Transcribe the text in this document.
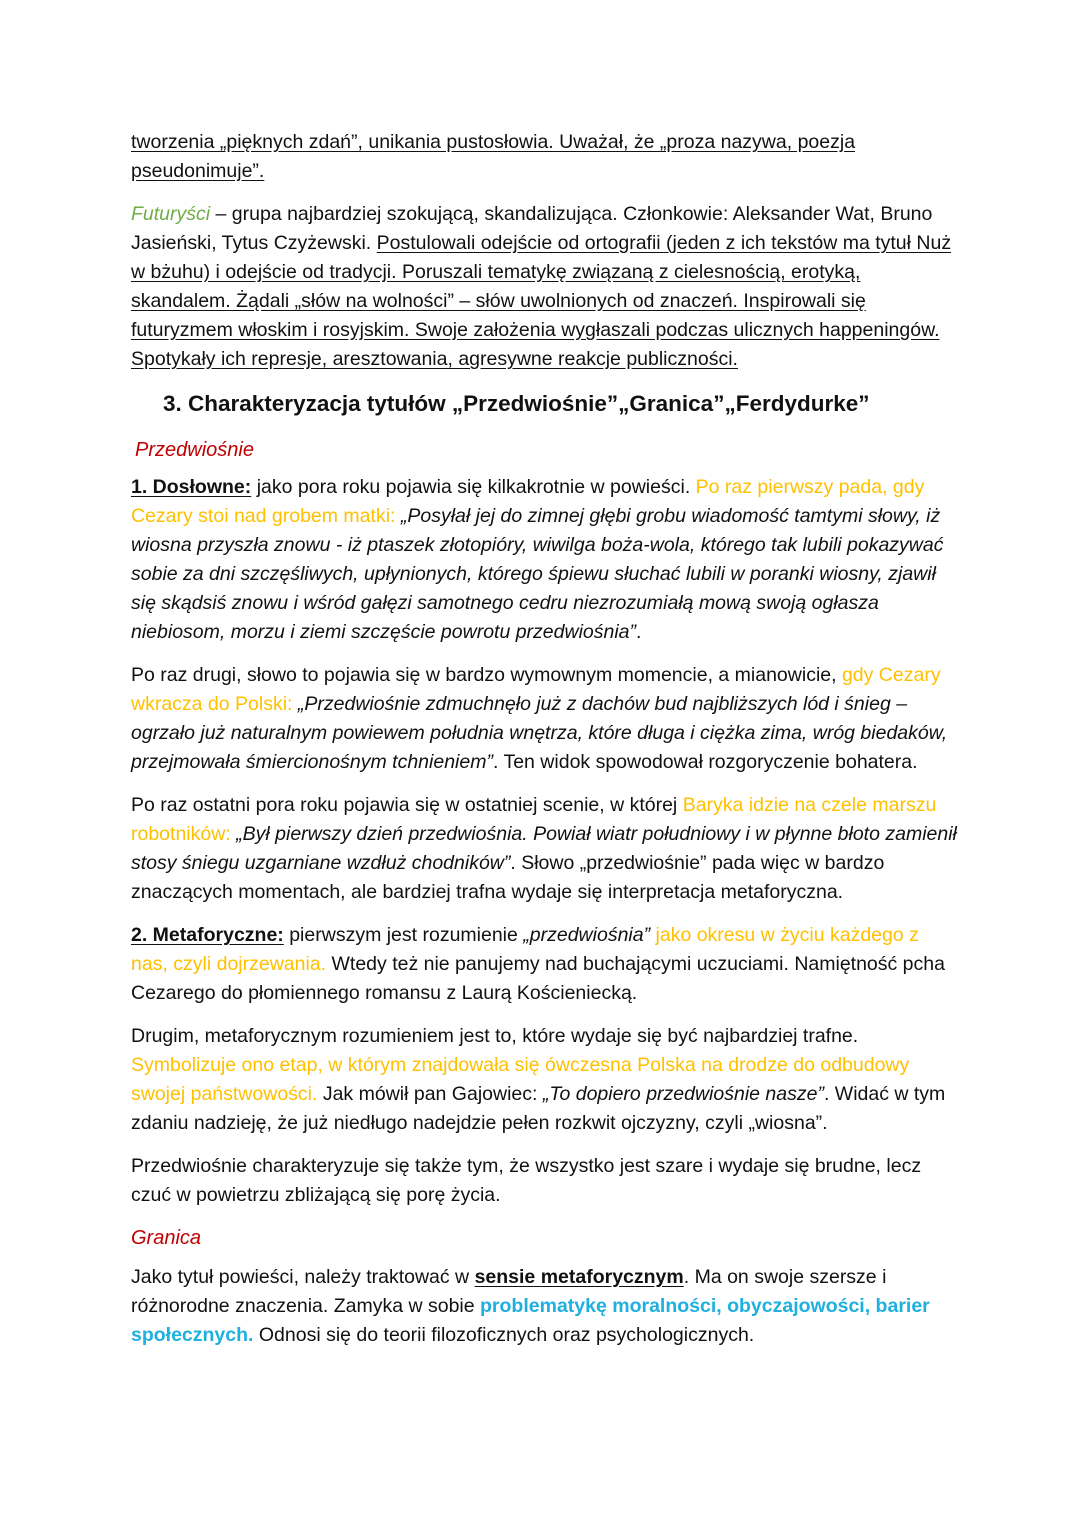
tworzenia „pięknych zdań”, unikania pustosłowia. Uważał, że „proza nazywa, poezja pseudonimuje”.

Futuryści – grupa najbardziej szokującą, skandalizująca. Członkowie: Aleksander Wat, Bruno Jasieński, Tytus Czyżewski. Postulowali odejście od ortografii (jeden z ich tekstów ma tytuł Nuż w bżuhu) i odejście od tradycji. Poruszali tematykę związaną z cielesnością, erotyką, skandalem. Żądali „słów na wolności” – słów uwolnionych od znaczeń. Inspirowali się futuryzmem włoskim i rosyjskim. Swoje założenia wygłaszali podczas ulicznych happeningów. Spotykały ich represje, aresztowania, agresywne reakcje publiczności.

3. Charakteryzacja tytułów „Przedwiośnie”„Granica”„Ferdydurke”
Przedwiośnie

1. Dosłowne: jako pora roku pojawia się kilkakrotnie w powieści. Po raz pierwszy pada, gdy Cezary stoi nad grobem matki: „Posyłał jej do zimnej głębi grobu wiadomość tamtymi słowy, iż wiosna przyszła znowu - iż ptaszek złotopióry, wiwilga boża-wola, którego tak lubili pokazywać sobie za dni szczęśliwych, upłynionych, którego śpiewu słuchać lubili w poranki wiosny, zjawił się skądsiś znowu i wśród gałęzi samotnego cedru niezrozumiałą mową swoją ogłasza niebiosom, morzu i ziemi szczęście powrotu przedwiośnia”.

Po raz drugi, słowo to pojawia się w bardzo wymownym momencie, a mianowicie, gdy Cezary wkracza do Polski: „Przedwiośnie zdmuchnęło już z dachów bud najbliższych lód i śnieg – ogrzało już naturalnym powiewem południa wnętrza, które długa i ciężka zima, wróg biedaków, przejmowała śmiercionośnym tchnieniem”. Ten widok spowodował rozgoryczenie bohatera.

Po raz ostatni pora roku pojawia się w ostatniej scenie, w której Baryka idzie na czele marszu robotników: „Był pierwszy dzień przedwiośnia. Powiał wiatr południowy i w płynne błoto zamienił stosy śniegu uzgarniane wzdłuż chodników”. Słowo „przedwiośnie” pada więc w bardzo znaczących momentach, ale bardziej trafna wydaje się interpretacja metaforyczna.

2. Metaforyczne: pierwszym jest rozumienie „przedwiośnia” jako okresu w życiu każdego z nas, czyli dojrzewania. Wtedy też nie panujemy nad buchającymi uczuciami. Namiętność pcha Cezarego do płomiennego romansu z Laurą Kościeniecką.

Drugim, metaforycznym rozumieniem jest to, które wydaje się być najbardziej trafne. Symbolizuje ono etap, w którym znajdowała się ówczesna Polska na drodze do odbudowy swojej państwowości. Jak mówił pan Gajowiec: „To dopiero przedwiośnie nasze”. Widać w tym zdaniu nadzieję, że już niedługo nadejdzie pełen rozkwit ojczyzny, czyli „wiosna”.

Przedwiośnie charakteryzuje się także tym, że wszystko jest szare i wydaje się brudne, lecz czuć w powietrzu zbliżającą się porę życia.

Granica

Jako tytuł powieści, należy traktować w sensie metaforycznym. Ma on swoje szersze i różnorodne znaczenia. Zamyka w sobie problematykę moralności, obyczajowości, barier społecznych. Odnosi się do teorii filozoficznych oraz psychologicznych.
